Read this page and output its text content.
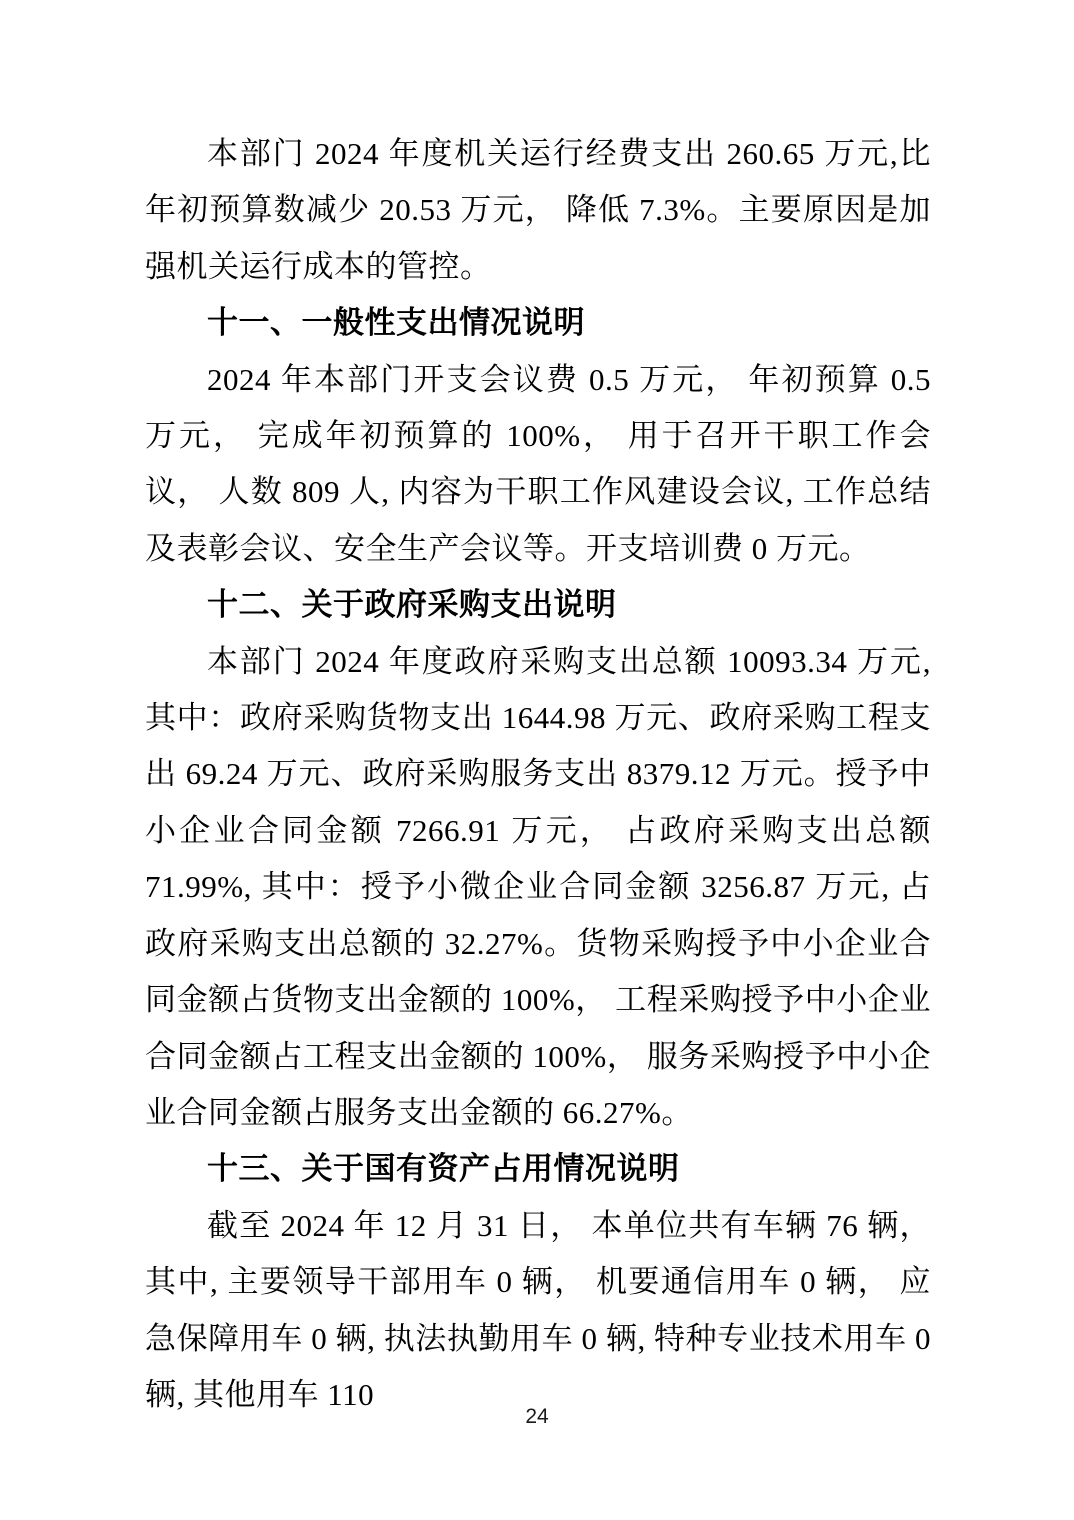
本部门 2024 年度机关运行经费支出 260.65 万元,比年初预算数减少 20.53 万元， 降低 7.3%。主要原因是加强机关运行成本的管控。

十一、一般性支出情况说明

2024 年本部门开支会议费 0.5 万元， 年初预算 0.5 万元， 完成年初预算的 100%， 用于召开干职工作会议， 人数 809 人, 内容为干职工作风建设会议, 工作总结及表彰会议、安全生产会议等。开支培训费 0 万元。

十二、关于政府采购支出说明

本部门 2024 年度政府采购支出总额 10093.34 万元, 其中：政府采购货物支出 1644.98 万元、政府采购工程支出 69.24 万元、政府采购服务支出 8379.12 万元。授予中小企业合同金额 7266.91 万元， 占政府采购支出总额 71.99%, 其中：授予小微企业合同金额 3256.87 万元, 占政府采购支出总额的 32.27%。货物采购授予中小企业合同金额占货物支出金额的 100%， 工程采购授予中小企业合同金额占工程支出金额的 100%， 服务采购授予中小企业合同金额占服务支出金额的 66.27%。

十三、关于国有资产占用情况说明

截至 2024 年 12 月 31 日， 本单位共有车辆 76 辆， 其中, 主要领导干部用车 0 辆， 机要通信用车 0 辆， 应急保障用车 0 辆, 执法执勤用车 0 辆, 特种专业技术用车 0 辆, 其他用车 110

24
